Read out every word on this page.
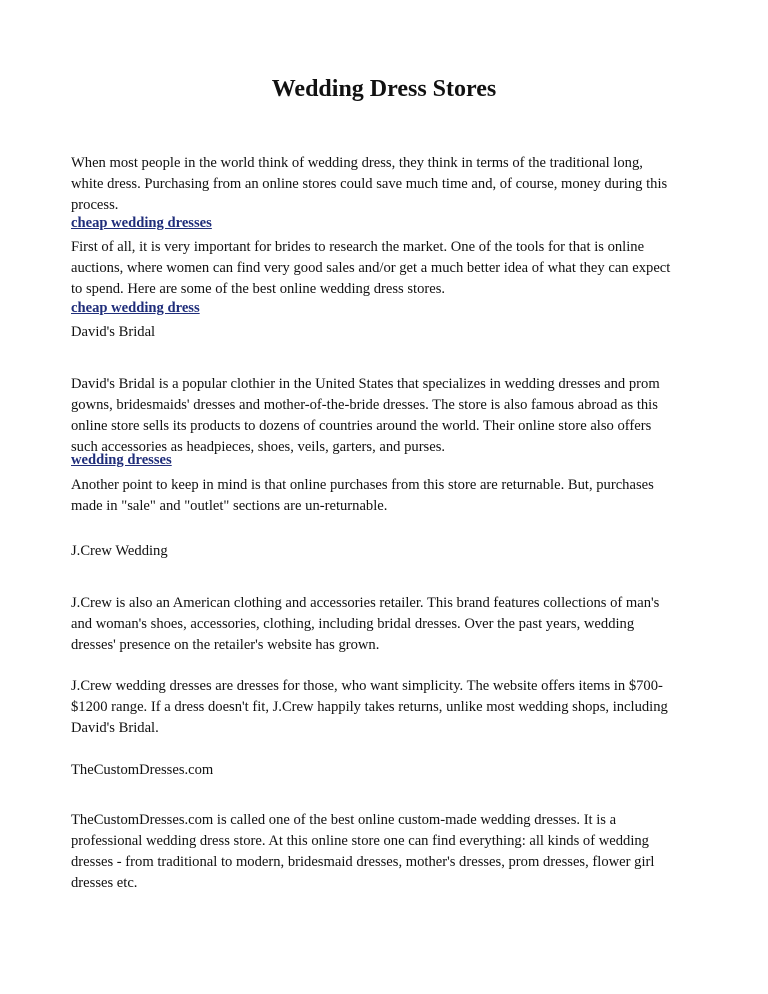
Wedding Dress Stores

When most people in the world think of wedding dress, they think in terms of the traditional long,
white dress. Purchasing from an online stores could save much time and, of course, money during this
process.

cheap wedding dresses

First of all, it is very important for brides to research the market. One of the tools for that is online
auctions, where women can find very good sales and/or get a much better idea of what they can expect
to spend. Here are some of the best online wedding dress stores.

cheap wedding dress

David's Bridal

David's Bridal is a popular clothier in the United States that specializes in wedding dresses and prom
gowns, bridesmaids' dresses and mother-of-the-bride dresses. The store is also famous abroad as this
online store sells its products to dozens of countries around the world. Their online store also offers
such accessories as headpieces, shoes, veils, garters, and purses.

wedding dresses

Another point to keep in mind is that online purchases from this store are returnable. But, purchases
made in "sale" and "outlet" sections are un-returnable.

J.Crew Wedding

J.Crew is also an American clothing and accessories retailer. This brand features collections of man's
and woman's shoes, accessories, clothing, including bridal dresses. Over the past years, wedding
dresses' presence on the retailer's website has grown.

J.Crew wedding dresses are dresses for those, who want simplicity. The website offers items in $700-
$1200 range. If a dress doesn't fit, J.Crew happily takes returns, unlike most wedding shops, including
David's Bridal.

TheCustomDresses.com

TheCustomDresses.com is called one of the best online custom-made wedding dresses. It is a
professional wedding dress store. At this online store one can find everything: all kinds of wedding
dresses - from traditional to modern, bridesmaid dresses, mother's dresses, prom dresses, flower girl
dresses etc.
